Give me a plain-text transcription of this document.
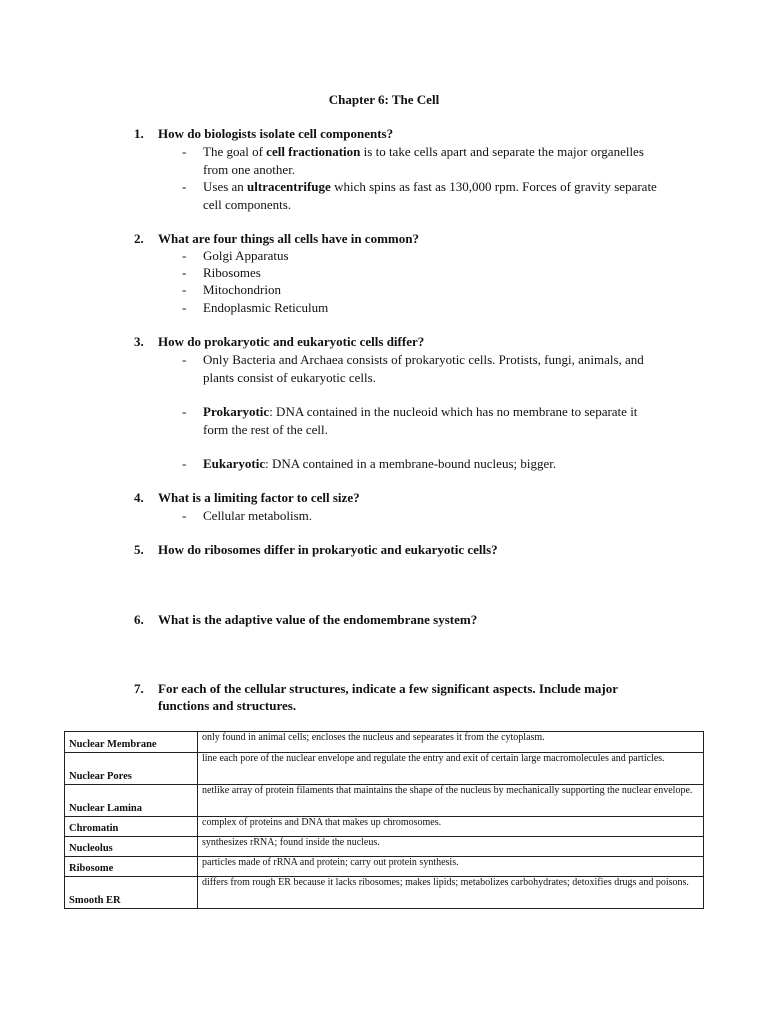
Chapter 6: The Cell
1. How do biologists isolate cell components?
- The goal of cell fractionation is to take cells apart and separate the major organelles from one another.
- Uses an ultracentrifuge which spins as fast as 130,000 rpm. Forces of gravity separate cell components.
2. What are four things all cells have in common?
- Golgi Apparatus
- Ribosomes
- Mitochondrion
- Endoplasmic Reticulum
3. How do prokaryotic and eukaryotic cells differ?
- Only Bacteria and Archaea consists of prokaryotic cells. Protists, fungi, animals, and plants consist of eukaryotic cells.
- Prokaryotic: DNA contained in the nucleoid which has no membrane to separate it form the rest of the cell.
- Eukaryotic: DNA contained in a membrane-bound nucleus; bigger.
4. What is a limiting factor to cell size?
- Cellular metabolism.
5. How do ribosomes differ in prokaryotic and eukaryotic cells?
6. What is the adaptive value of the endomembrane system?
7. For each of the cellular structures, indicate a few significant aspects. Include major functions and structures.
Nuclear Membrane	only found in animal cells; encloses the nucleus and sepearates it from the cytoplasm.
Nuclear Pores	line each pore of the nuclear envelope and regulate the entry and exit of certain large macromolecules and particles.
Nuclear Lamina	netlike array of protein filaments that maintains the shape of the nucleus by mechanically supporting the nuclear envelope.
Chromatin	complex of proteins and DNA that makes up chromosomes.
Nucleolus	synthesizes rRNA; found inside the nucleus.
Ribosome	particles made of rRNA and protein; carry out protein synthesis.
Smooth ER	differs from rough ER because it lacks ribosomes; makes lipids; metabolizes carbohydrates; detoxifies drugs and poisons.
